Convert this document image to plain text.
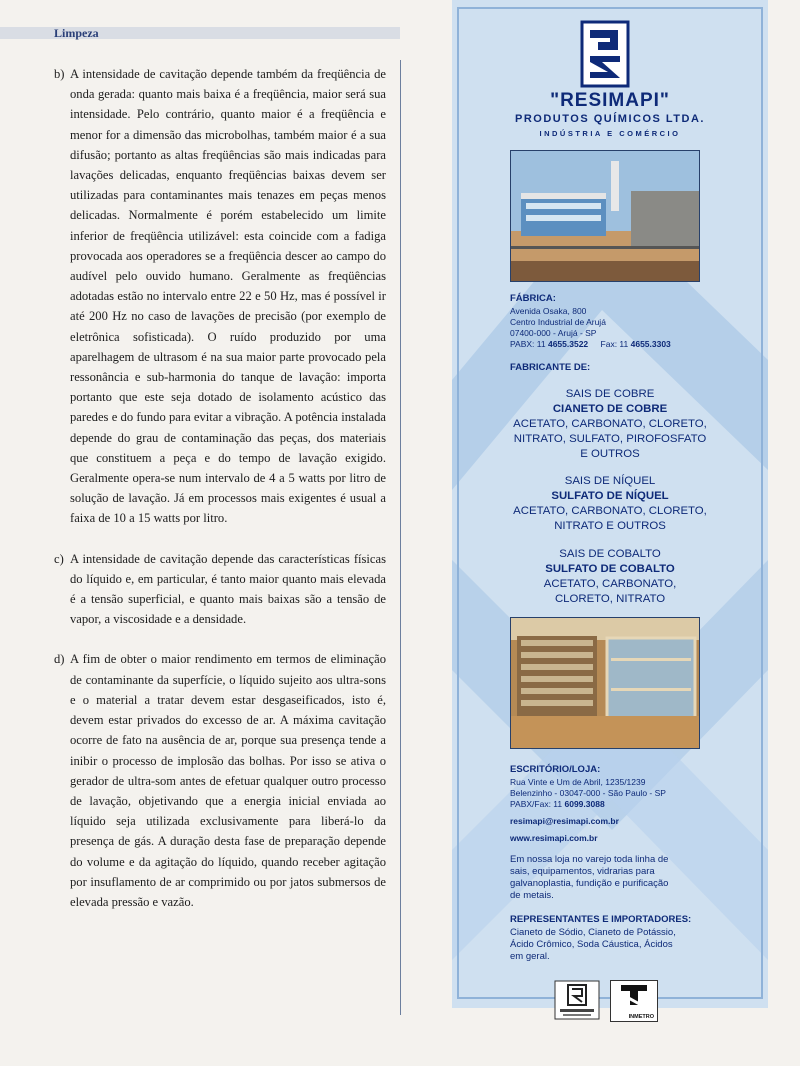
Limpeza
b) A intensidade de cavitação depende também da freqüência de onda gerada: quanto mais baixa é a freqüência, maior será sua intensidade. Pelo contrário, quanto maior é a freqüência e menor for a dimensão das microbolhas, também maior é a sua difusão; portanto as altas freqüências são mais indicadas para lavações delicadas, enquanto freqüências baixas devem ser utilizadas para contaminantes mais tenazes em peças menos delicadas. Normalmente é porém estabelecido um limite inferior de freqüência utilizável: esta coincide com a fadiga provocada aos operadores se a freqüência descer ao campo do audível pelo ouvido humano. Geralmente as freqüências adotadas estão no intervalo entre 22 e 50 Hz, mas é possível ir até 200 Hz no caso de lavações de precisão (por exemplo de eletrônica sofisticada). O ruído produzido por uma aparelhagem de ultrasom é na sua maior parte provocado pela ressonância e sub-harmonia do tanque de lavação: importa portanto que este seja dotado de isolamento acústico das paredes e do fundo para evitar a vibração. A potência instalada depende do grau de contaminação das peças, dos materiais que constituem a peça e do tempo de lavação exigido. Geralmente opera-se num intervalo de 4 a 5 watts por litro de solução de lavação. Já em processos mais exigentes é usual a faixa de 10 a 15 watts por litro.
c) A intensidade de cavitação depende das características físicas do líquido e, em particular, é tanto maior quanto mais elevada é a tensão superficial, e quanto mais baixas são a tensão de vapor, a viscosidade e a densidade.
d) A fim de obter o maior rendimento em termos de eliminação de contaminante da superfície, o líquido sujeito aos ultra-sons e o material a tratar devem estar desgaseificados, isto é, devem estar privados do excesso de ar. A máxima cavitação ocorre de fato na ausência de ar, porque sua presença tende a inibir o processo de implosão das bolhas. Por isso se ativa o gerador de ultra-som antes de efetuar qualquer outro processo de lavação, objetivando que a energia inicial enviada ao líquido seja utilizada exclusivamente para liberá-lo da presença de gás. A duração desta fase de preparação depende do volume e da agitação do líquido, quando receber agitação por insuflamento de ar comprimido ou por jatos submersos de elevada pressão e vazão.
"RESIMAPI"
PRODUTOS QUÍMICOS LTDA.
INDÚSTRIA E COMÉRCIO
FÁBRICA:
Avenida Osaka, 800
Centro Industrial de Arujá
07400-000 - Arujá - SP
PABX: 11 4655.3522 Fax: 11 4655.3303
FABRICANTE DE:
SAIS DE COBRE
CIANETO DE COBRE
ACETATO, CARBONATO, CLORETO,
NITRATO, SULFATO, PIROFOSFATO
E OUTROS
SAIS DE NÍQUEL
SULFATO DE NÍQUEL
ACETATO, CARBONATO, CLORETO,
NITRATO E OUTROS
SAIS DE COBALTO
SULFATO DE COBALTO
ACETATO, CARBONATO,
CLORETO, NITRATO
ESCRITÓRIO/LOJA:
Rua Vinte e Um de Abril, 1235/1239
Belenzinho - 03047-000 - São Paulo - SP
PABX/Fax: 11 6099.3088
resimapi@resimapi.com.br
www.resimapi.com.br
Em nossa loja no varejo toda linha de
sais, equipamentos, vidrarias para
galvanoplastia, fundição e purificação
de metais.
REPRESENTANTES E IMPORTADORES:
Cianeto de Sódio, Cianeto de Potássio,
Ácido Crômico, Soda Cáustica, Ácidos
em geral.
INMETRO
